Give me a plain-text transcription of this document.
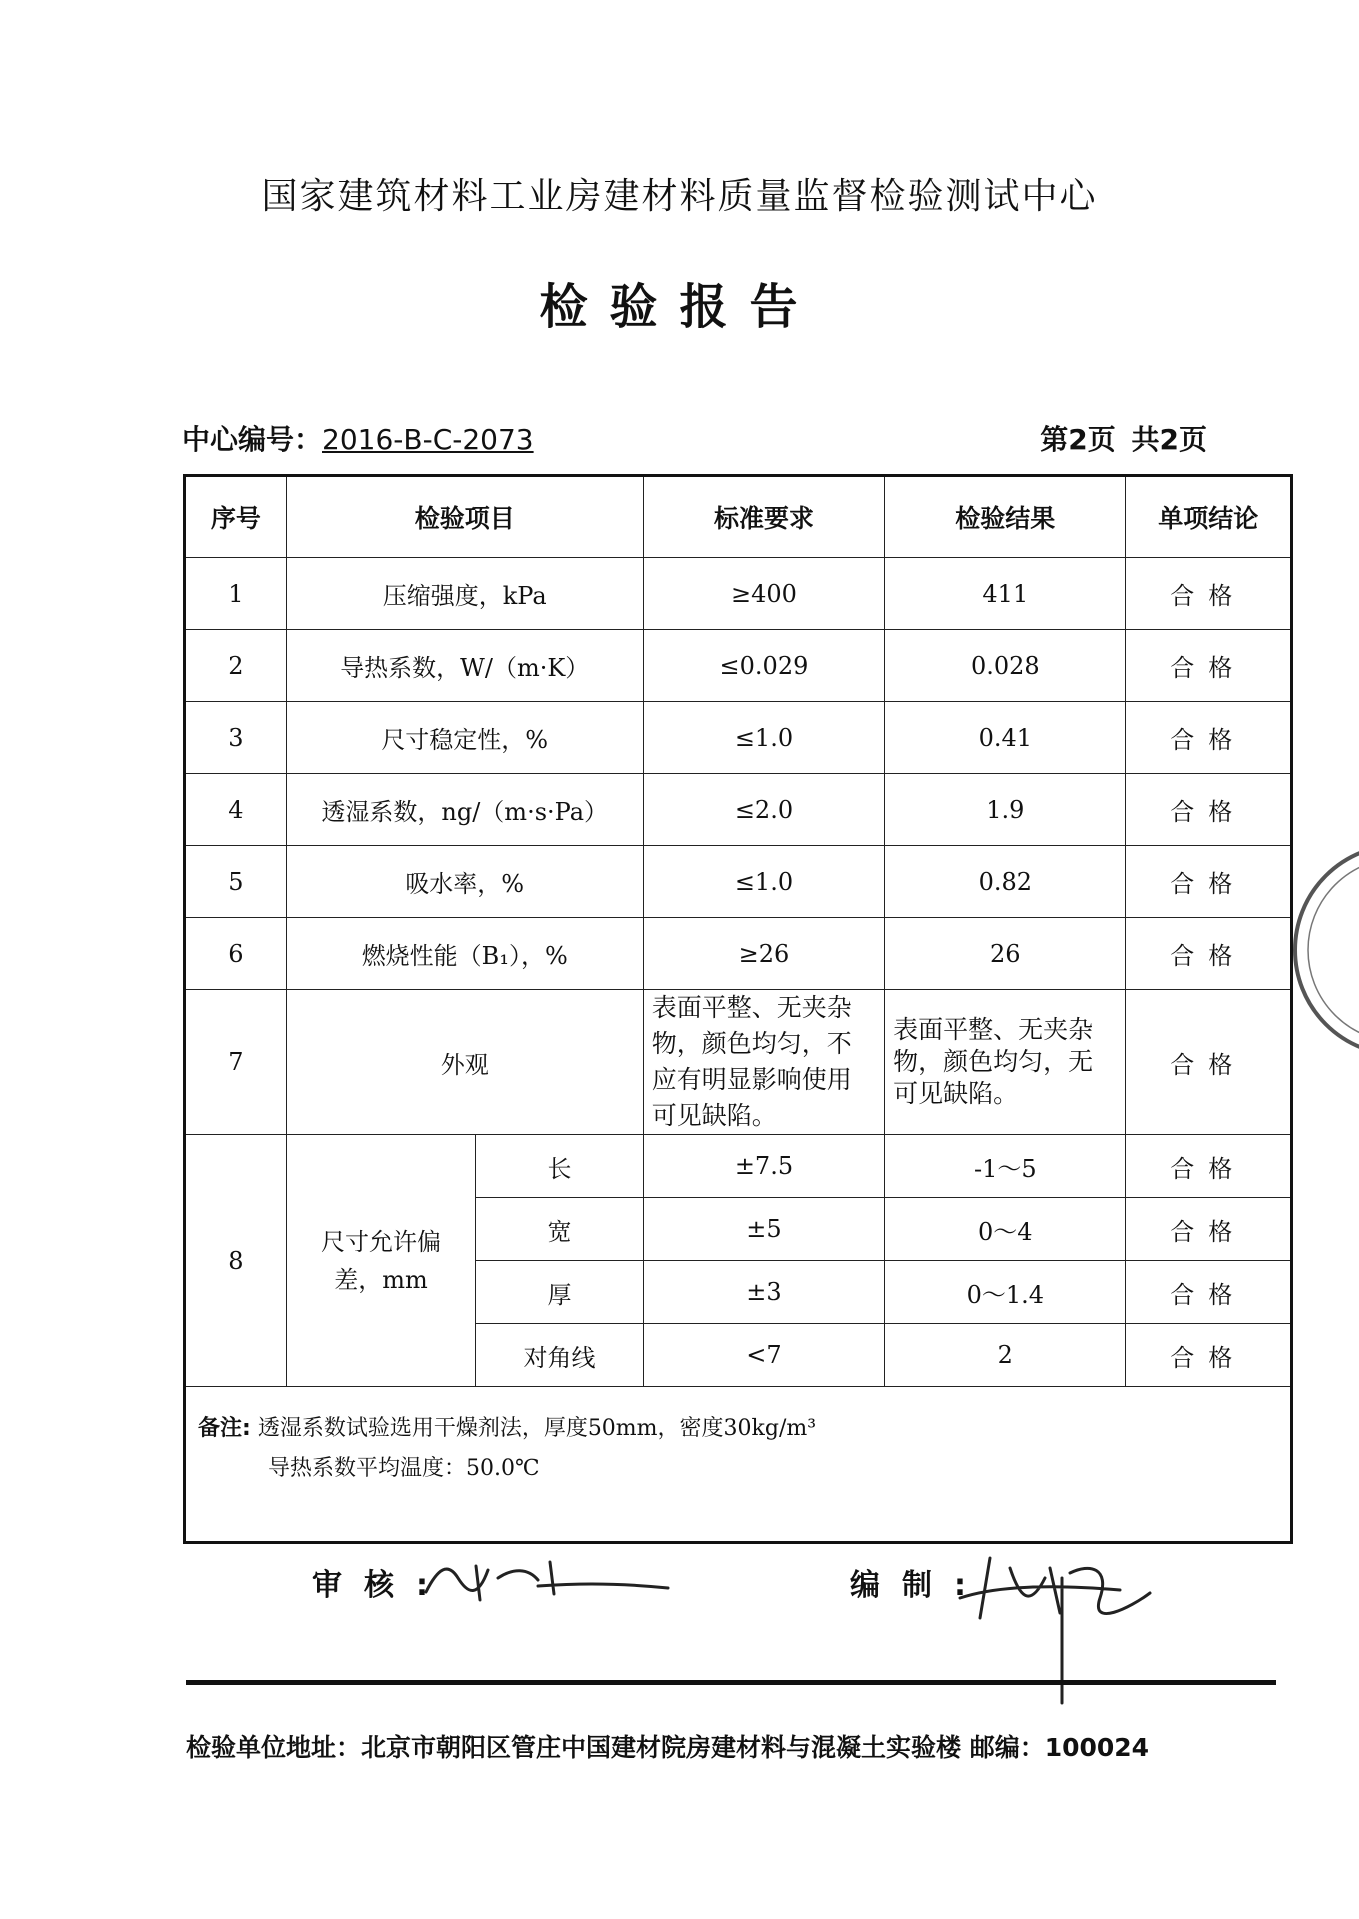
国家建筑材料工业房建材料质量监督检验测试中心
检验报告
中心编号：2016-B-C-2073	第2页 共2页
序号	检验项目		标准要求	检验结果	单项结论
1	压缩强度，kPa		≥400	411	合格
2	导热系数，W/（m·K）		≤0.029	0.028	合格
3	尺寸稳定性，%		≤1.0	0.41	合格
4	透湿系数，ng/（m·s·Pa）		≤2.0	1.9	合格
5	吸水率，%		≤1.0	0.82	合格
6	燃烧性能（B₁），%		≥26	26	合格
7	外观		表面平整、无夹杂物，颜色均匀，不应有明显影响使用可见缺陷。	表面平整、无夹杂物，颜色均匀，无可见缺陷。	合格
8	尺寸允许偏差，mm	长	±7.5	-1～5	合格
		宽	±5	0～4	合格
		厚	±3	0～1.4	合格
		对角线	<7	2	合格
备注: 透湿系数试验选用干燥剂法，厚度50mm，密度30kg/m³
导热系数平均温度：50.0℃					
审核:	编制:
检验单位地址：北京市朝阳区管庄中国建材院房建材料与混凝土实验楼 邮编：100024
